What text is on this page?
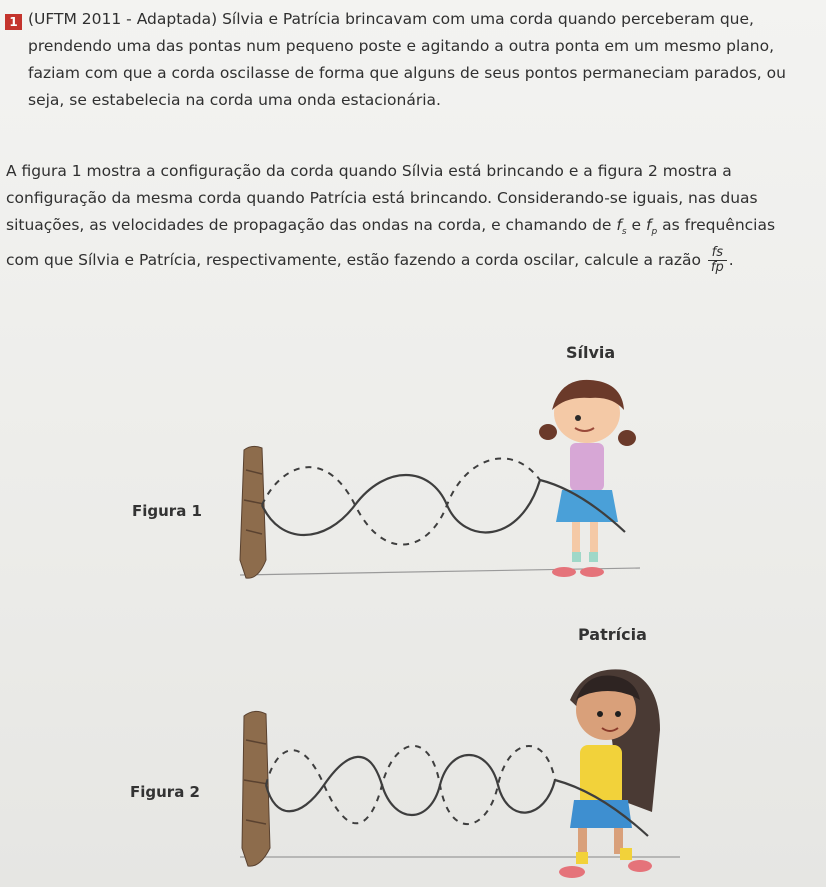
1 (UFTM 2011 - Adaptada) Sílvia e Patrícia brincavam com uma corda quando perceberam que, prendendo uma das pontas num pequeno poste e agitando a outra ponta em um mesmo plano, faziam com que a corda oscilasse de forma que alguns de seus pontos permaneciam parados, ou seja, se estabelecia na corda uma onda estacionária.
A figura 1 mostra a configuração da corda quando Sílvia está brincando e a figura 2 mostra a configuração da mesma corda quando Patrícia está brincando. Considerando-se iguais, nas duas situações, as velocidades de propagação das ondas na corda, e chamando de $f_s$ e $f_p$ as frequências com que Sílvia e Patrícia, respectivamente, estão fazendo a corda oscilar, calcule a razão $\frac{fs}{fp}$ .
Sílvia
Figura 1
Patrícia
Figura 2
